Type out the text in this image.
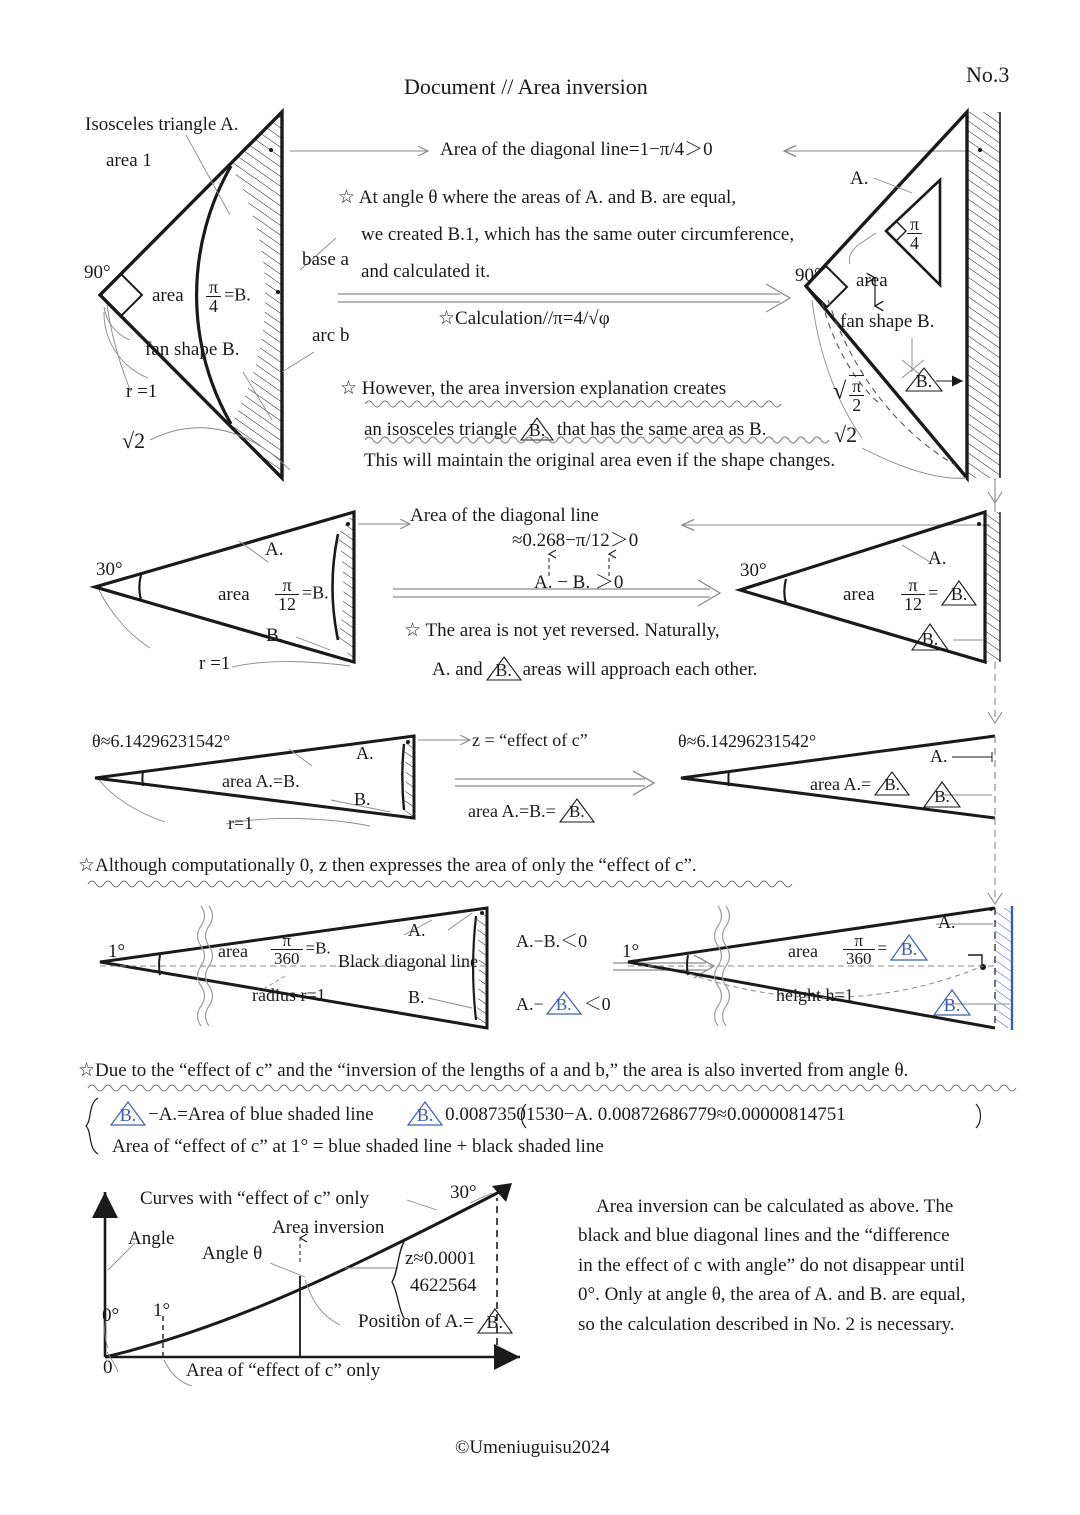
Document // Area inversion	No.3
Isosceles triangle A.
area 1
90°
area $\frac{\pi}{4} =B$.
base a
arc b
fan shape B.
r =1
√2
Area of the diagonal line=1−π/4＞0
☆ At angle θ where the areas of A. and B. are equal,
we created B.1, which has the same outer circumference,
and calculated it.
☆Calculation//π=4/√φ
☆ However, the area inversion explanation creates
an isosceles triangle B. that has the same area as B.
This will maintain the original area even if the shape changes.
A.
90° area
fan shape B.
$\frac{\pi}{4}$
B.
√ $\frac{\pi}{2}$
√2
30°
A.
B.
area $\frac{\pi}{12} =B$.
r =1
Area of the diagonal line
≈0.268−π/12＞0
A. − B. ＞0
☆ The area is not yet reversed. Naturally,
A. and B. areas will approach each other.
30°
A.
area $\frac{\pi}{12} = B$.
B.
θ≈6.14296231542°
A.
B.
area A.=B.
r=1
z = “effect of c”
area A.=B.= B.
θ≈6.14296231542°
area A.= B.
A.
B.
☆Although computationally 0, z then expresses the area of only the “effect of c”.
1°	area $\frac{\pi}{360} =B$.
Black diagonal line
radius r=1
A.
B.
A.−B.＜0
A.− B. ＜0
1°	area $\frac{\pi}{360} = B$.
height h=1
A.
B.
☆Due to the “effect of c” and the “inversion of the lengths of a and b,” the area is also inverted from angle θ.
B. −A.=Area of blue shaded line	B. 0.00873501530−A. 0.00872686779≈0.00000814751
Area of “effect of c” at 1° = blue shaded line + black shaded line
Curves with “effect of c” only
Area inversion
Angle
Angle θ
30°
0° 1°
z≈0.0001
4622564
Position of A.= B.
0	Area of “effect of c” only
Area inversion can be calculated as above. The
black and blue diagonal lines and the “difference
in the effect of c with angle” do not disappear until
0°. Only at angle θ, the area of A. and B. are equal,
so the calculation described in No. 2 is necessary.
©Umeniuguisu2024
